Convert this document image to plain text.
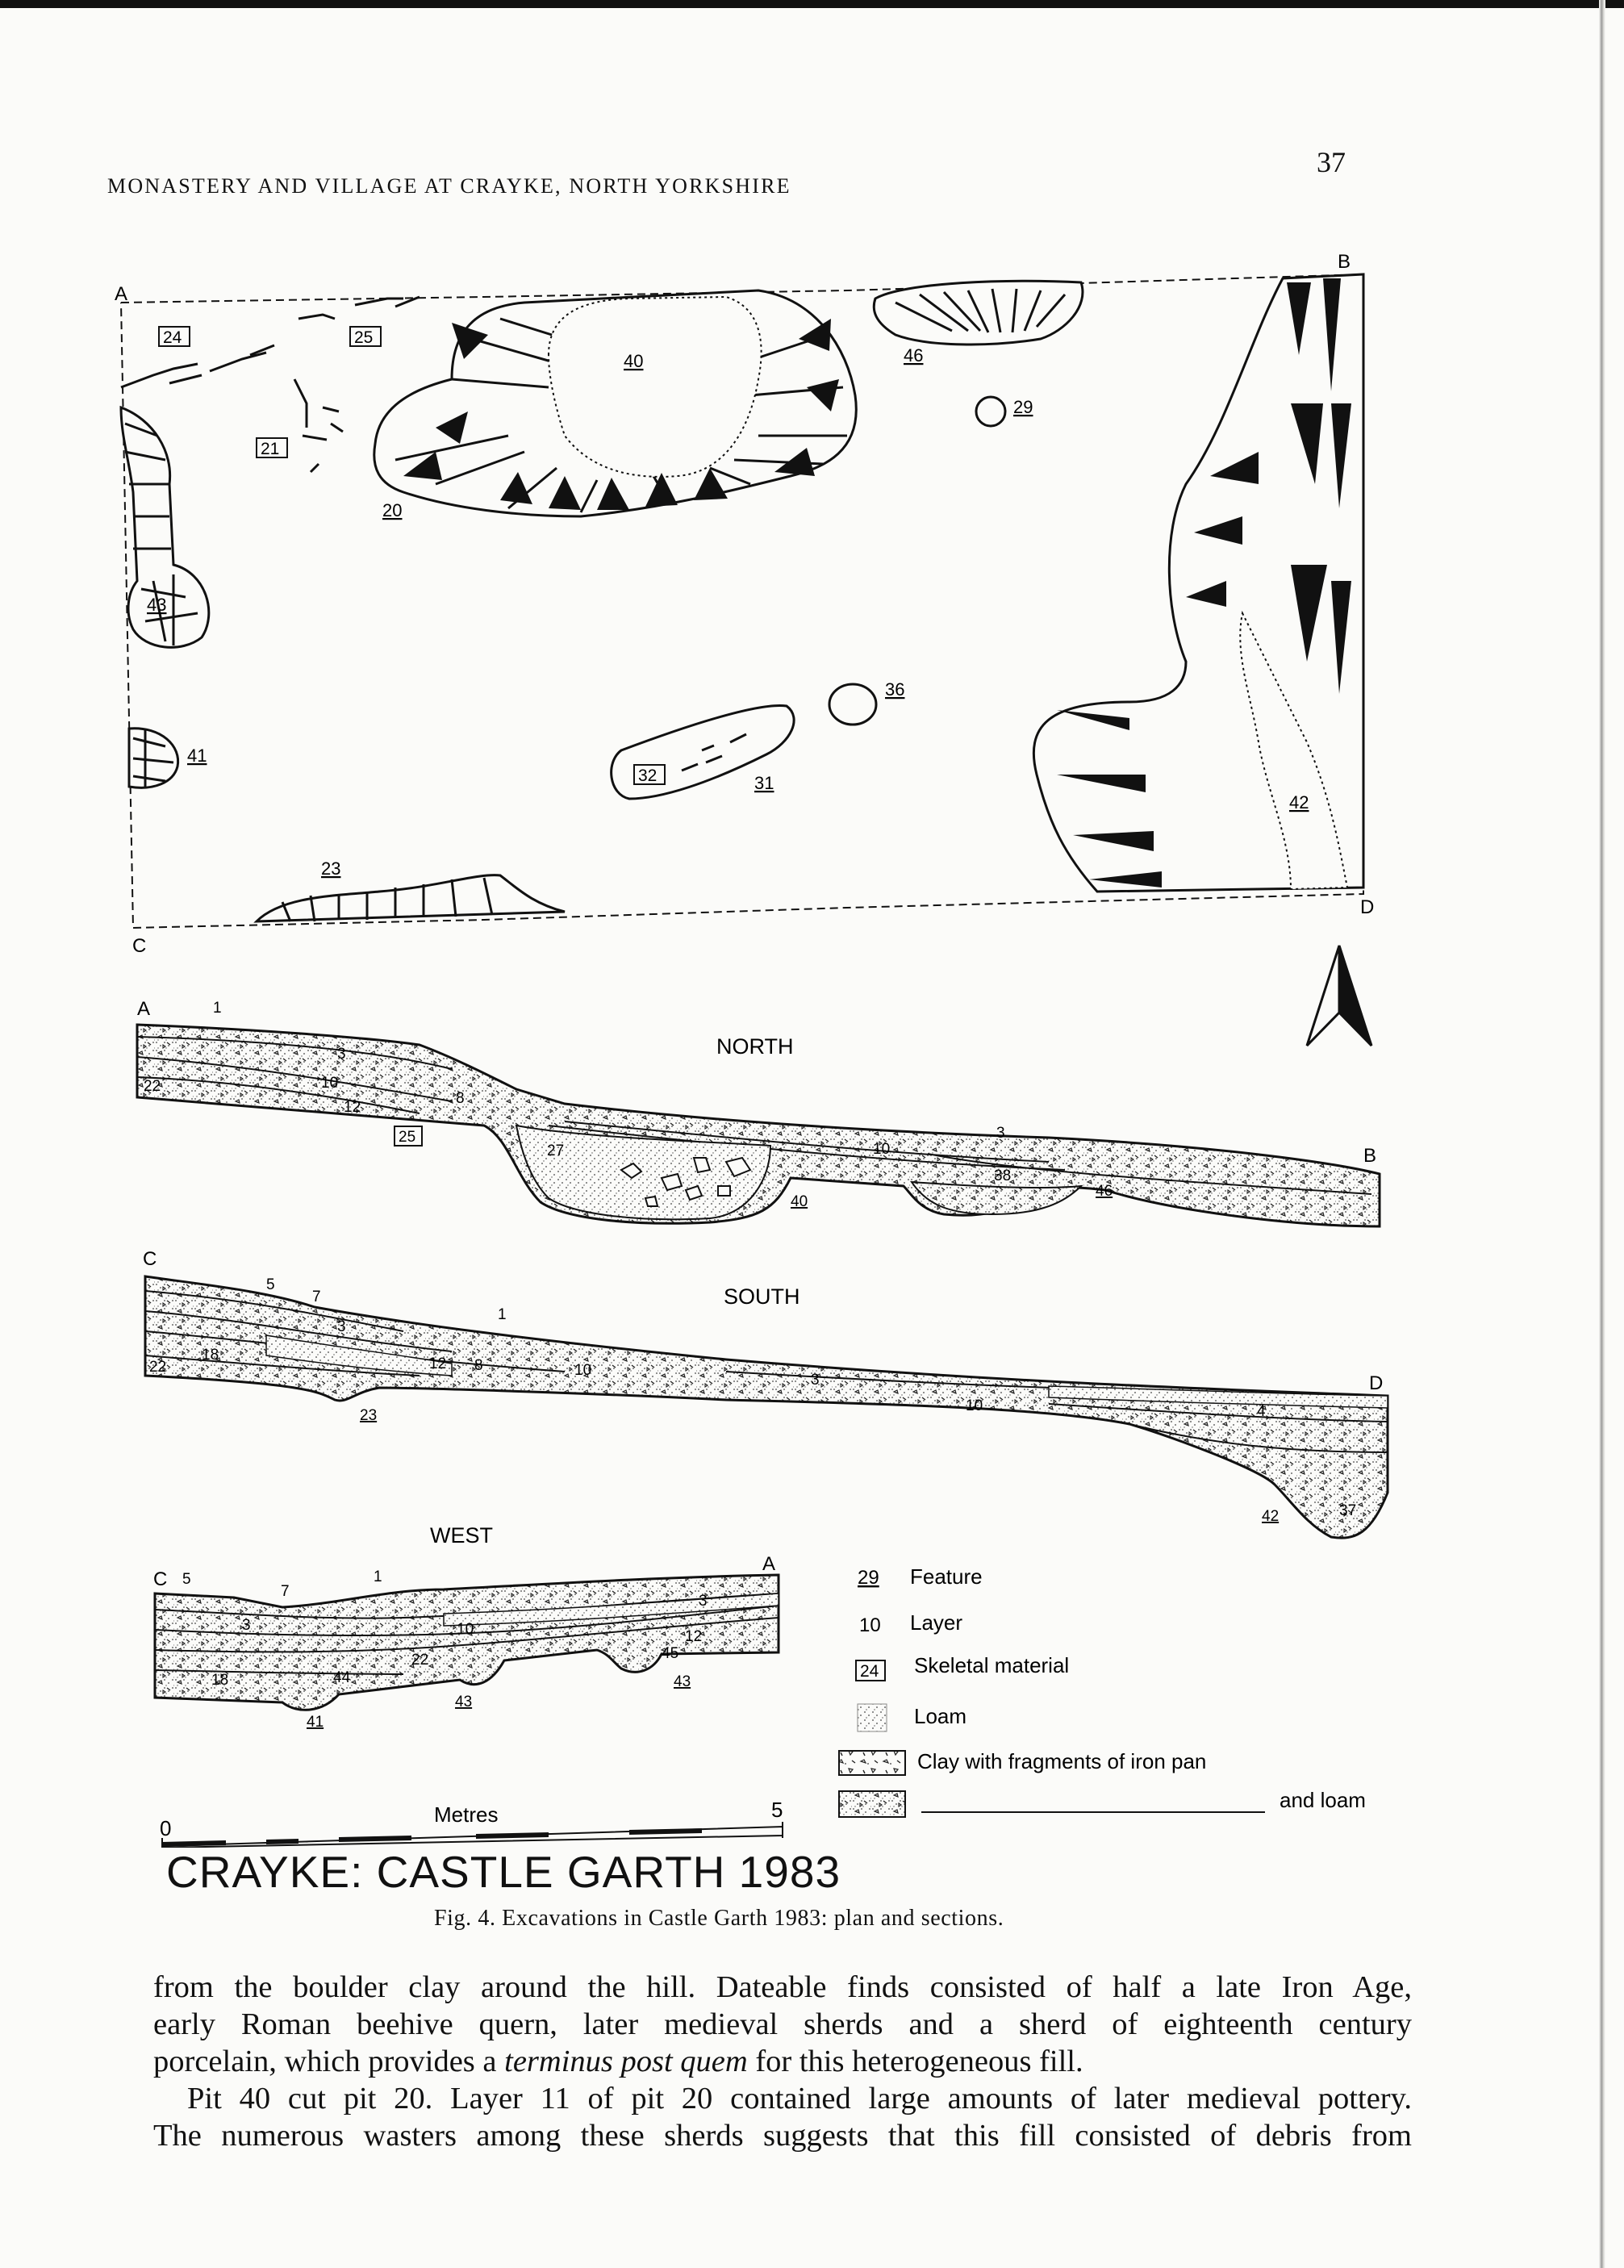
MONASTERY AND VILLAGE AT CRAYKE, NORTH YORKSHIRE
37
A
B
C
D
40	46
29
20
43
41
36
31
42
23
24	25
21
32
NORTH
A
B
1
3
22	10
8
12
25
27
40
10
3
38
46
SOUTH
C
D
5
7
1
3
18
22	12 8	10
23
3
10	4
42	37
WEST
C
A
5
7
1
3
3
10	12
22
18	44
45
41
43
43
29 Feature
10 Layer
24 Skeletal material
Loam
Clay with fragments of iron pan
and loam
Metres
0
5
CRAYKE: CASTLE GARTH 1983
Fig. 4. Excavations in Castle Garth 1983: plan and sections.

from the boulder clay around the hill. Dateable finds consisted of half a late Iron Age,

early Roman beehive quern, later medieval sherds and a sherd of eighteenth century

porcelain, which provides a terminus post quem for this heterogeneous fill.

Pit 40 cut pit 20. Layer 11 of pit 20 contained large amounts of later medieval pottery.

The numerous wasters among these sherds suggests that this fill consisted of debris from
